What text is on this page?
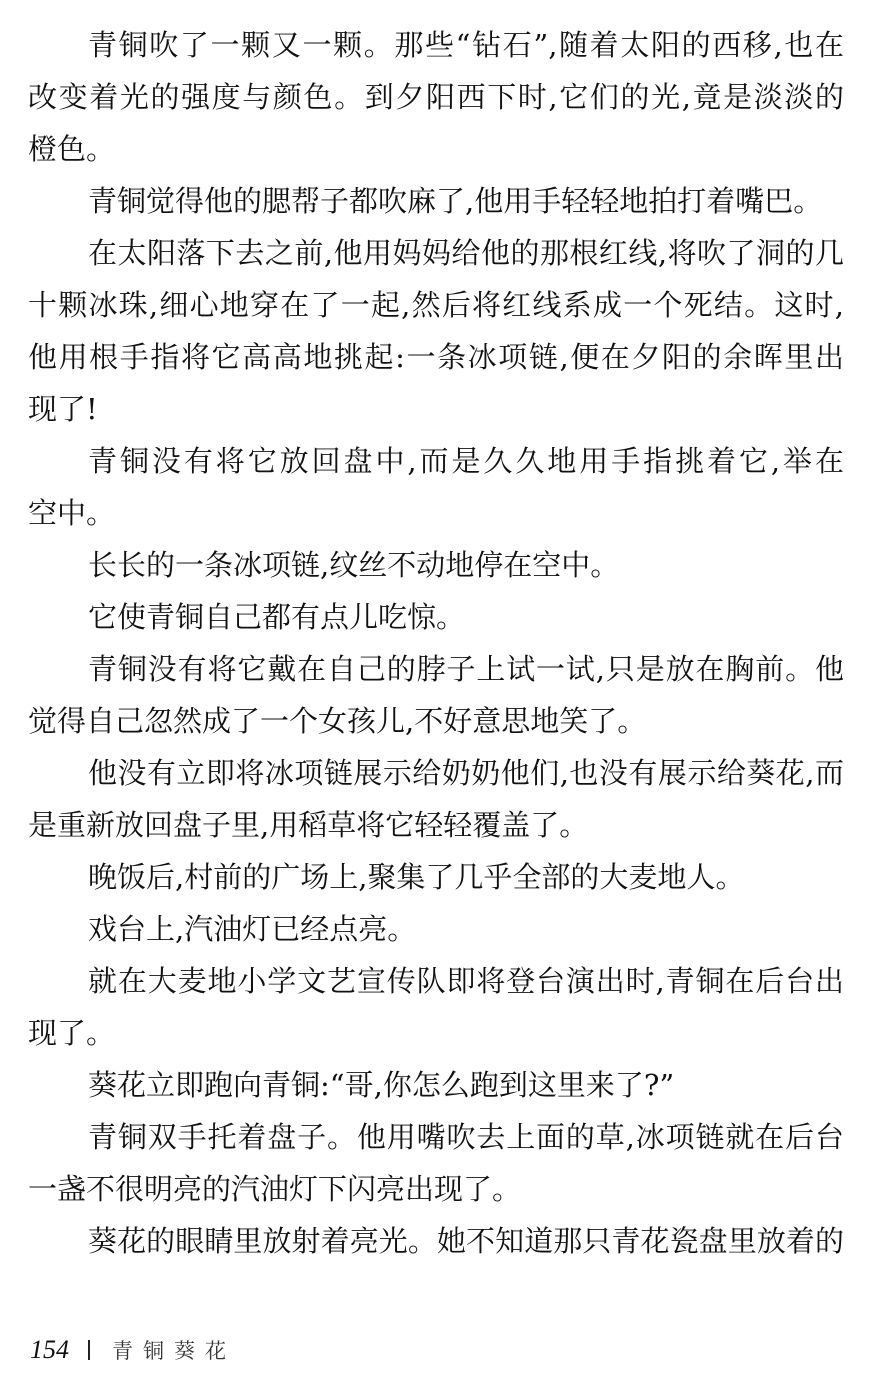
青铜吹了一颗又一颗。那些“钻石”,随着太阳的西移,也在
改变着光的强度与颜色。到夕阳西下时,它们的光,竟是淡淡的
橙色。
青铜觉得他的腮帮子都吹麻了,他用手轻轻地拍打着嘴巴。
在太阳落下去之前,他用妈妈给他的那根红线,将吹了洞的几
十颗冰珠,细心地穿在了一起,然后将红线系成一个死结。这时,
他用根手指将它高高地挑起:一条冰项链,便在夕阳的余晖里出
现了!
青铜没有将它放回盘中,而是久久地用手指挑着它,举在
空中。
长长的一条冰项链,纹丝不动地停在空中。
它使青铜自己都有点儿吃惊。
青铜没有将它戴在自己的脖子上试一试,只是放在胸前。他
觉得自己忽然成了一个女孩儿,不好意思地笑了。
他没有立即将冰项链展示给奶奶他们,也没有展示给葵花,而
是重新放回盘子里,用稻草将它轻轻覆盖了。
晚饭后,村前的广场上,聚集了几乎全部的大麦地人。
戏台上,汽油灯已经点亮。
就在大麦地小学文艺宣传队即将登台演出时,青铜在后台出
现了。
葵花立即跑向青铜:“哥,你怎么跑到这里来了?”
青铜双手托着盘子。他用嘴吹去上面的草,冰项链就在后台
一盏不很明亮的汽油灯下闪亮出现了。
葵花的眼睛里放射着亮光。她不知道那只青花瓷盘里放着的
154	青铜葵花
